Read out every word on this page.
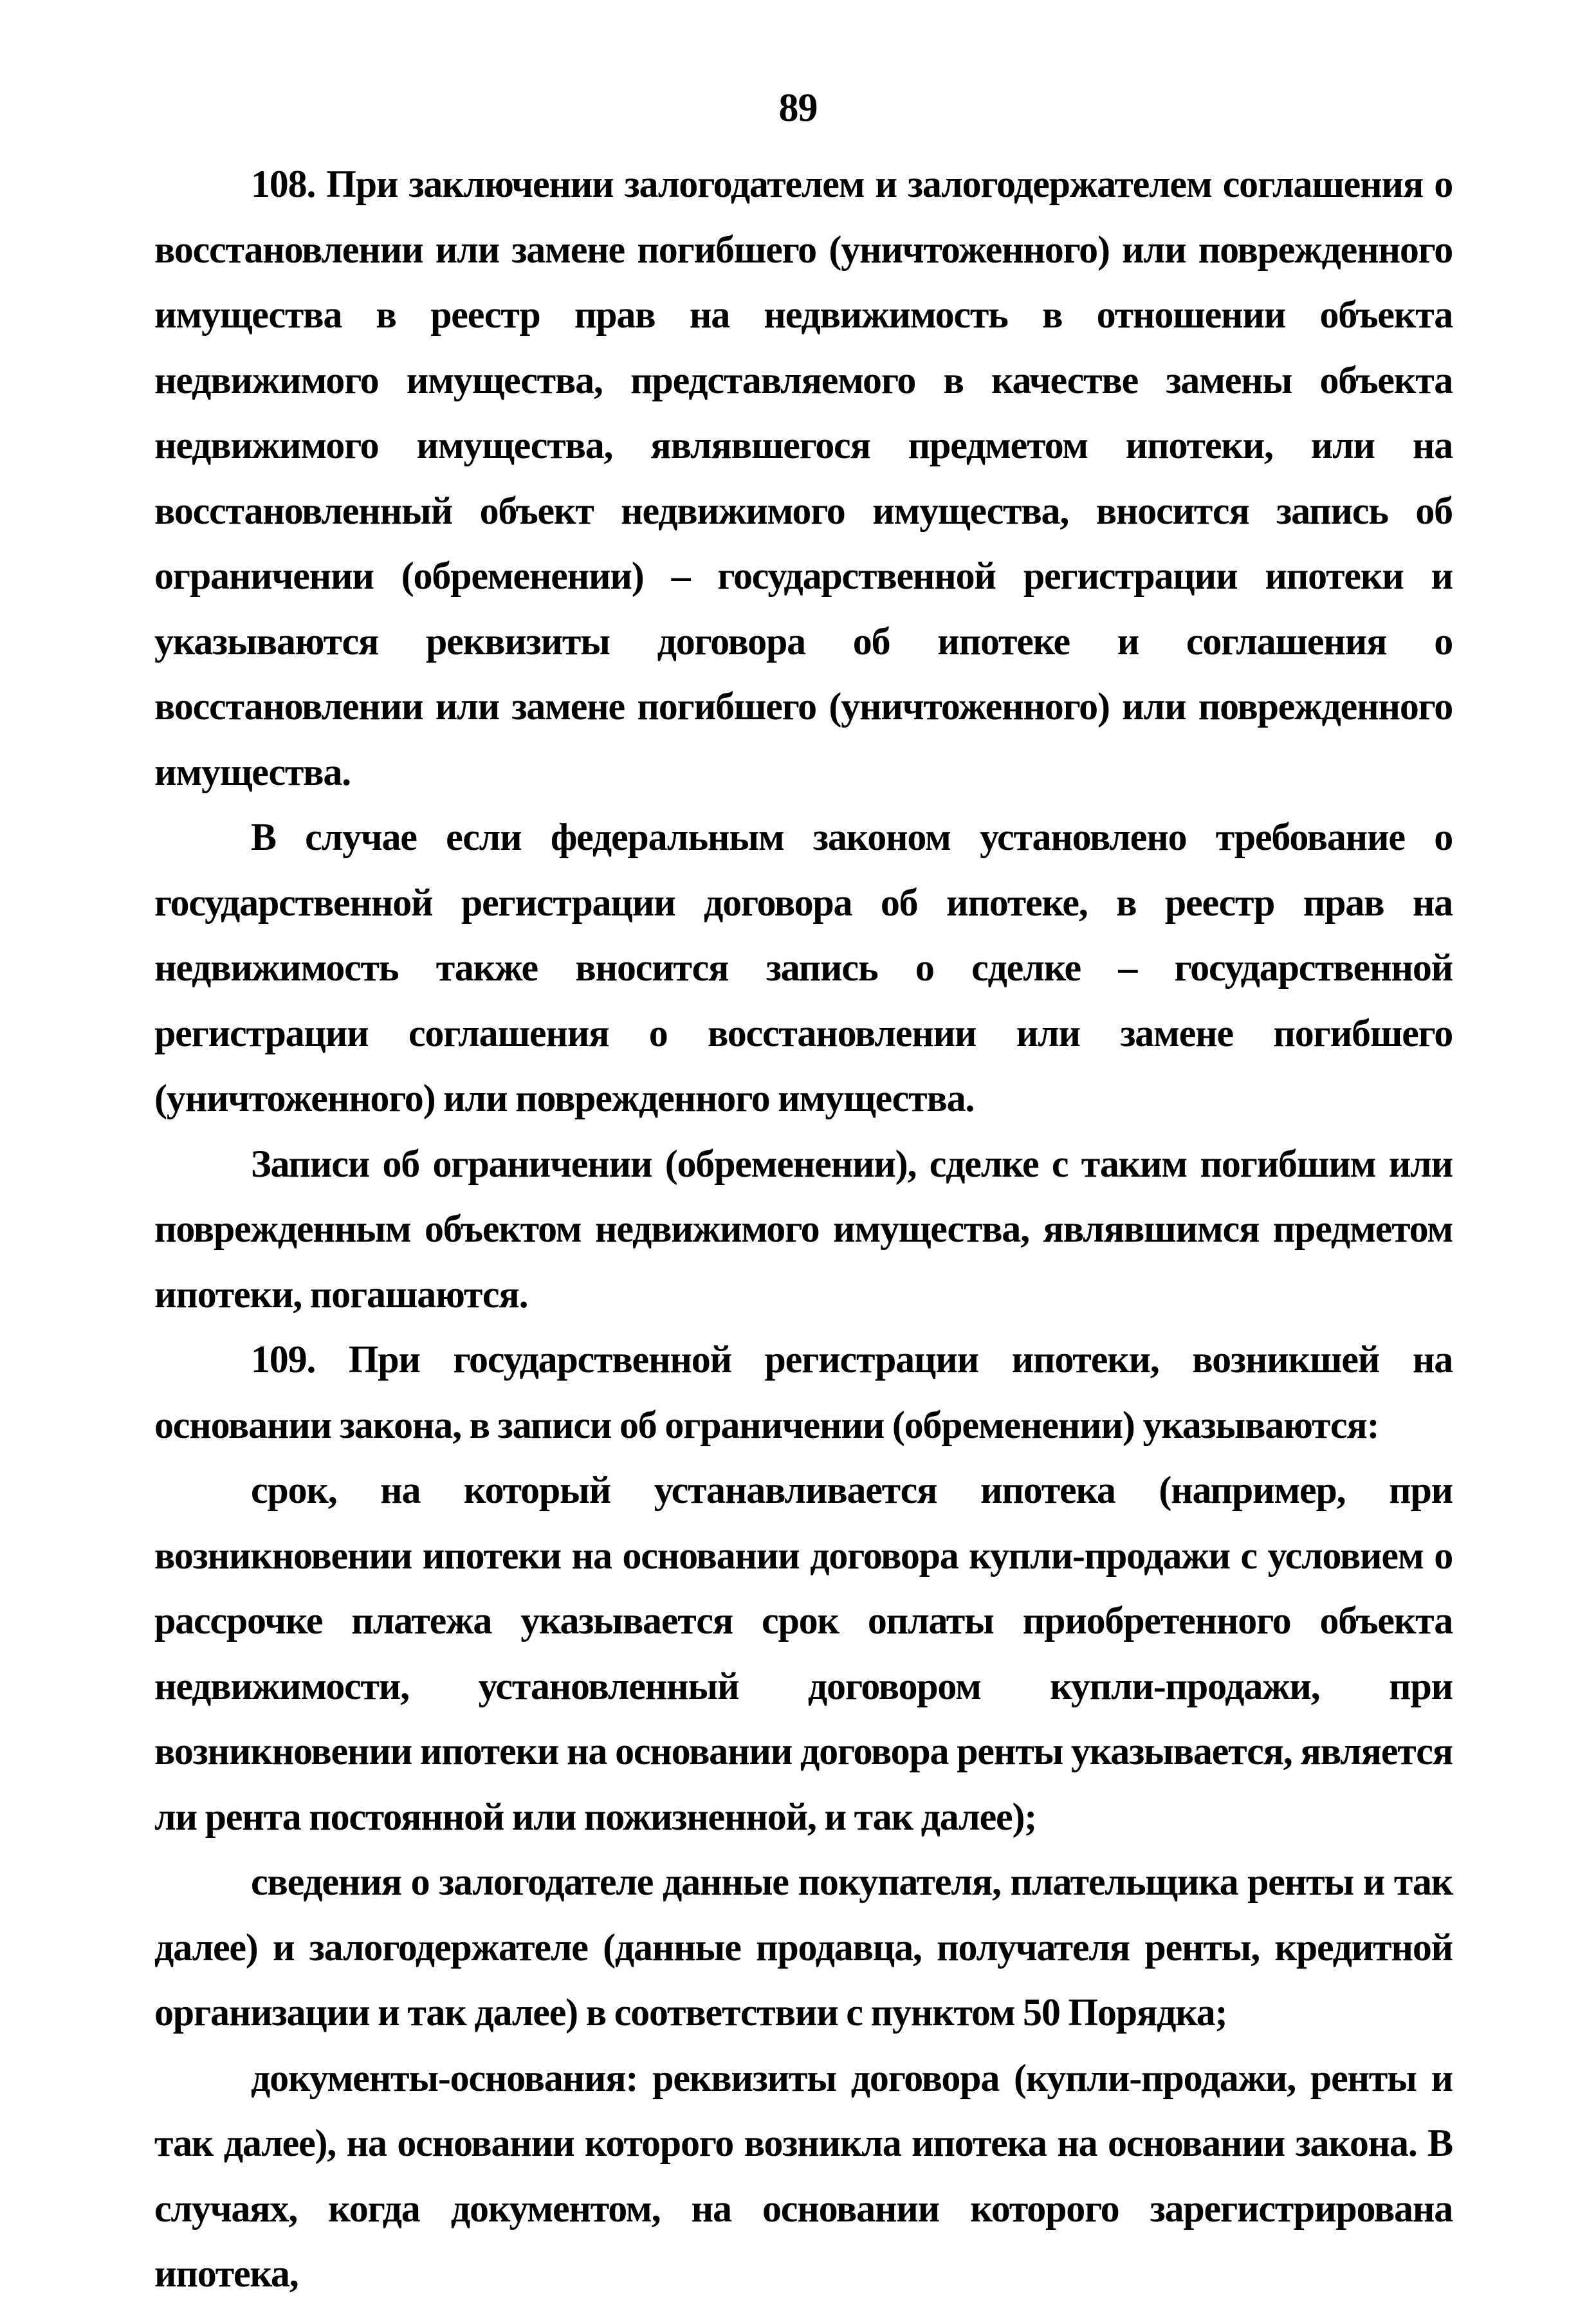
89

108. При заключении залогодателем и залогодержателем соглашения о восстановлении или замене погибшего (уничтоженного) или поврежденного имущества в реестр прав на недвижимость в отношении объекта недвижимого имущества, представляемого в качестве замены объекта недвижимого имущества, являвшегося предметом ипотеки, или на восстановленный объект недвижимого имущества, вносится запись об ограничении (обременении) – государственной регистрации ипотеки и указываются реквизиты договора об ипотеке и соглашения о восстановлении или замене погибшего (уничтоженного) или поврежденного имущества.

В случае если федеральным законом установлено требование о государственной регистрации договора об ипотеке, в реестр прав на недвижимость также вносится запись о сделке – государственной регистрации соглашения о восстановлении или замене погибшего (уничтоженного) или поврежденного имущества.

Записи об ограничении (обременении), сделке с таким погибшим или поврежденным объектом недвижимого имущества, являвшимся предметом ипотеки, погашаются.

109. При государственной регистрации ипотеки, возникшей на основании закона, в записи об ограничении (обременении) указываются:

срок, на который устанавливается ипотека (например, при возникновении ипотеки на основании договора купли-продажи с условием о рассрочке платежа указывается срок оплаты приобретенного объекта недвижимости, установленный договором купли-продажи, при возникновении ипотеки на основании договора ренты указывается, является ли рента постоянной или пожизненной, и так далее);

сведения о залогодателе данные покупателя, плательщика ренты и так далее) и залогодержателе (данные продавца, получателя ренты, кредитной организации и так далее) в соответствии с пунктом 50 Порядка;

документы-основания: реквизиты договора (купли-продажи, ренты и так далее), на основании которого возникла ипотека на основании закона. В случаях, когда документом, на основании которого зарегистрирована ипотека,
